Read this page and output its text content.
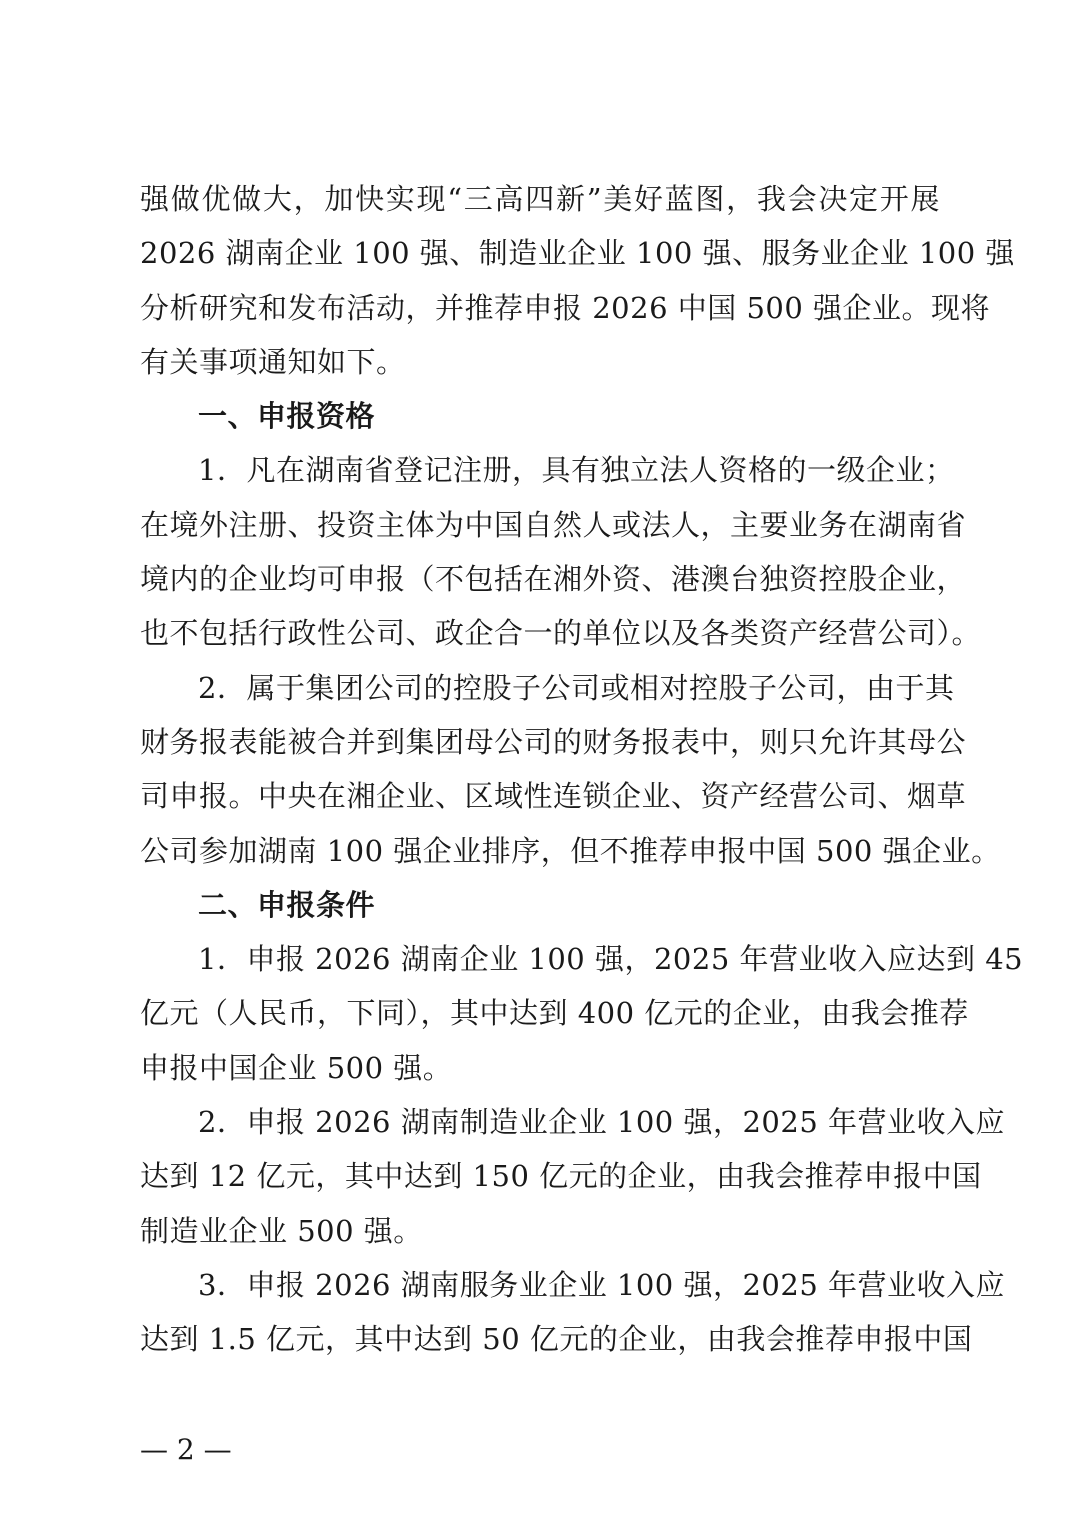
强做优做大，加快实现“三高四新”美好蓝图，我会决定开展
2026 湖南企业 100 强、制造业企业 100 强、服务业企业 100 强
分析研究和发布活动，并推荐申报 2026 中国 500 强企业。现将
有关事项通知如下。
一、申报资格
1．凡在湖南省登记注册，具有独立法人资格的一级企业；
在境外注册、投资主体为中国自然人或法人，主要业务在湖南省
境内的企业均可申报（不包括在湘外资、港澳台独资控股企业，
也不包括行政性公司、政企合一的单位以及各类资产经营公司）。
2．属于集团公司的控股子公司或相对控股子公司，由于其
财务报表能被合并到集团母公司的财务报表中，则只允许其母公
司申报。中央在湘企业、区域性连锁企业、资产经营公司、烟草
公司参加湖南 100 强企业排序，但不推荐申报中国 500 强企业。
二、申报条件
1．申报 2026 湖南企业 100 强，2025 年营业收入应达到 45
亿元（人民币，下同），其中达到 400 亿元的企业，由我会推荐
申报中国企业 500 强。
2．申报 2026 湖南制造业企业 100 强，2025 年营业收入应
达到 12 亿元，其中达到 150 亿元的企业，由我会推荐申报中国
制造业企业 500 强。
3．申报 2026 湖南服务业企业 100 强，2025 年营业收入应
达到 1.5 亿元，其中达到 50 亿元的企业，由我会推荐申报中国
— 2 —
